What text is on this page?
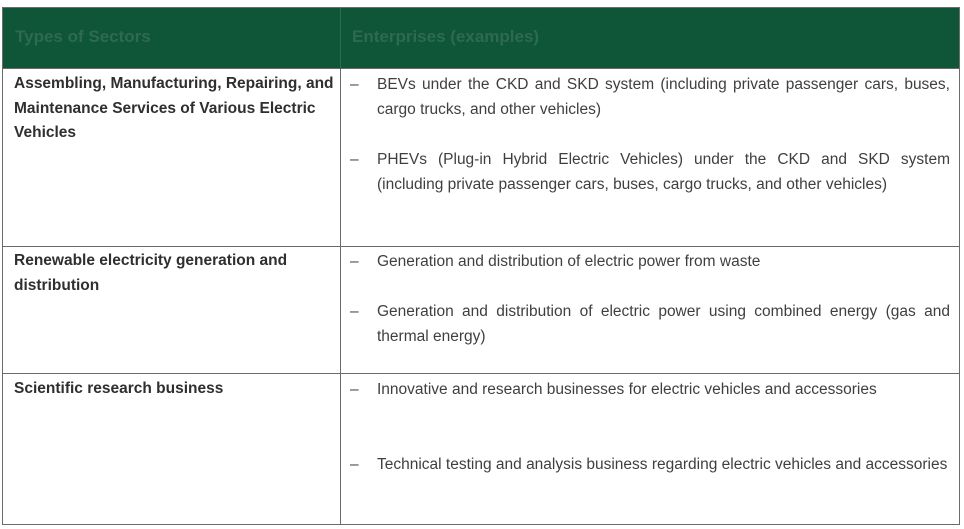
Types of Sectors	Enterprises (examples)
Assembling, Manufacturing, Repairing, and Maintenance Services of Various Electric Vehicles
– BEVs under the CKD and SKD system (including private passenger cars, buses, cargo trucks, and other vehicles)
– PHEVs (Plug-in Hybrid Electric Vehicles) under the CKD and SKD system (including private passenger cars, buses, cargo trucks, and other vehicles)
Renewable electricity generation and distribution
– Generation and distribution of electric power from waste
– Generation and distribution of electric power using combined energy (gas and thermal energy)
Scientific research business	– Innovative and research businesses for electric vehicles and accessories
– Technical testing and analysis business regarding electric vehicles and accessories
